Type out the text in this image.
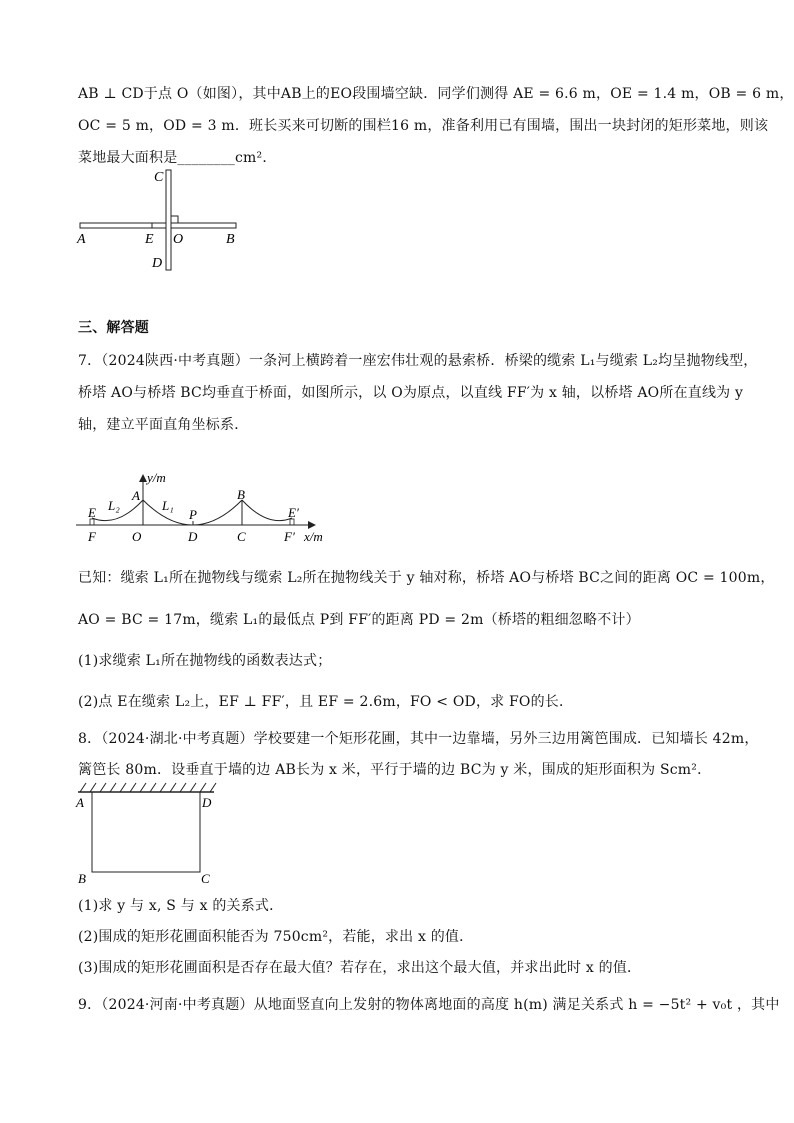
AB ⊥ CD于点 O（如图），其中AB上的EO段围墙空缺．同学们测得 AE = 6.6 m，OE = 1.4 m，OB = 6 m，
OC = 5 m，OD = 3 m．班长买来可切断的围栏16 m，准备利用已有围墙，围出一块封闭的矩形菜地，则该
菜地最大面积是________cm²．
C
A	E O	B
D
三、解答题
7．（2024陕西·中考真题）一条河上横跨着一座宏伟壮观的悬索桥．桥梁的缆索 L₁与缆索 L₂均呈抛物线型，
桥塔 AO与桥塔 BC均垂直于桥面，如图所示，以 O为原点，以直线 FF′为 x 轴，以桥塔 AO所在直线为 y
轴，建立平面直角坐标系．
y/m
E L₂
A
L₁
P
B
E′
F	O	D	C	F′ x/m
已知：缆索 L₁所在抛物线与缆索 L₂所在抛物线关于 y 轴对称，桥塔 AO与桥塔 BC之间的距离 OC = 100m，
AO = BC = 17m，缆索 L₁的最低点 P到 FF′的距离 PD = 2m（桥塔的粗细忽略不计）
(1)求缆索 L₁所在抛物线的函数表达式；
(2)点 E在缆索 L₂上，EF ⊥ FF′，且 EF = 2.6m，FO < OD，求 FO的长．
8．（2024·湖北·中考真题）学校要建一个矩形花圃，其中一边靠墙，另外三边用篱笆围成．已知墙长 42m，
篱笆长 80m．设垂直于墙的边 AB长为 x 米，平行于墙的边 BC为 y 米，围成的矩形面积为 Scm²．
A	D
B	C
(1)求 y 与 x, S 与 x 的关系式．
(2)围成的矩形花圃面积能否为 750cm²，若能，求出 x 的值．
(3)围成的矩形花圃面积是否存在最大值？若存在，求出这个最大值，并求出此时 x 的值．
9．（2024·河南·中考真题）从地面竖直向上发射的物体离地面的高度 h(m) 满足关系式 h = −5t² + v₀t ，其中
